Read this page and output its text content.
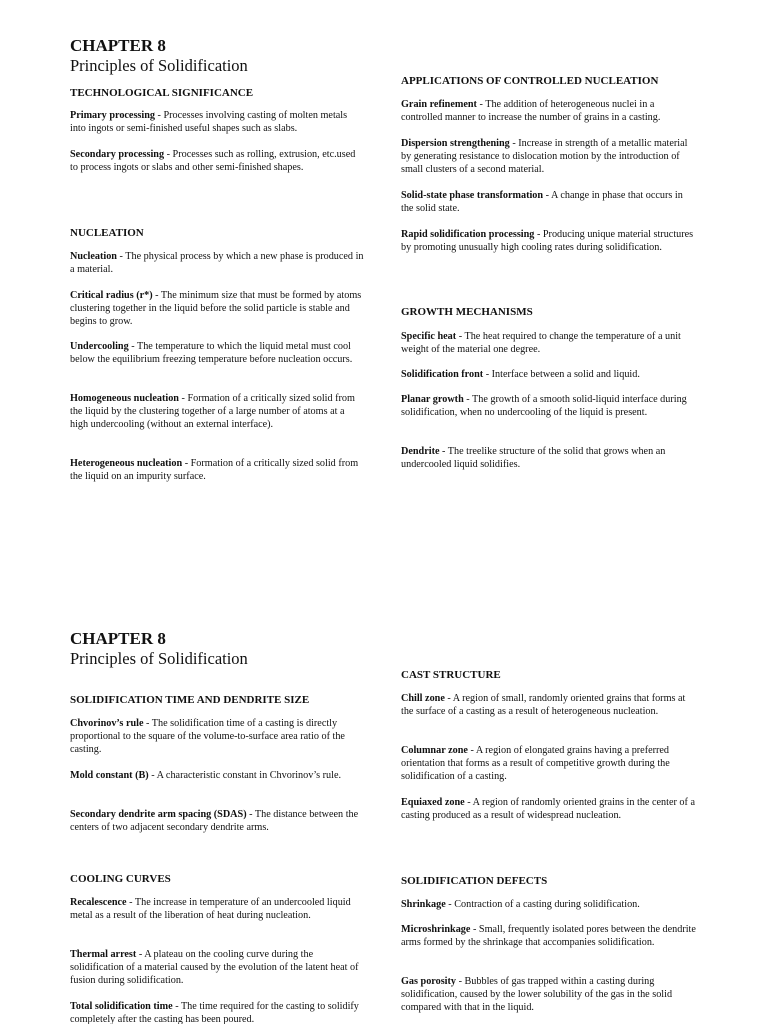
CHAPTER 8

Principles of Solidification

TECHNOLOGICAL SIGNIFICANCE

Primary processing - Processes involving casting of molten metals into ingots or semi-finished useful shapes such as slabs.

Secondary processing - Processes such as rolling, extrusion, etc.used to process ingots or slabs and other semi-finished shapes.

NUCLEATION

Nucleation - The physical process by which a new phase is produced in a material.

Critical radius (r*) - The minimum size that must be formed by atoms clustering together in the liquid before the solid particle is stable and begins to grow.

Undercooling - The temperature to which the liquid metal must cool below the equilibrium freezing temperature before nucleation occurs.

Homogeneous nucleation - Formation of a critically sized solid from the liquid by the clustering together of a large number of atoms at a high undercooling (without an external interface).

Heterogeneous nucleation - Formation of a critically sized solid from the liquid on an impurity surface.

APPLICATIONS OF CONTROLLED NUCLEATION

Grain refinement - The addition of heterogeneous nuclei in a controlled manner to increase the number of grains in a casting.

Dispersion strengthening - Increase in strength of a metallic material by generating resistance to dislocation motion by the introduction of small clusters of a second material.

Solid-state phase transformation - A change in phase that occurs in the solid state.

Rapid solidification processing - Producing unique material structures by promoting unusually high cooling rates during solidification.

GROWTH MECHANISMS

Specific heat - The heat required to change the temperature of a unit weight of the material one degree.

Solidification front - Interface between a solid and liquid.

Planar growth - The growth of a smooth solid-liquid interface during solidification, when no undercooling of the liquid is present.

Dendrite - The treelike structure of the solid that grows when an undercooled liquid solidifies.

CHAPTER 8

Principles of Solidification

SOLIDIFICATION TIME AND DENDRITE SIZE

Chvorinov’s rule - The solidification time of a casting is directly proportional to the square of the volume-to-surface area ratio of the casting.

Mold constant (B) - A characteristic constant in Chvorinov’s rule.

Secondary dendrite arm spacing (SDAS) - The distance between the centers of two adjacent secondary dendrite arms.

COOLING CURVES

Recalescence - The increase in temperature of an undercooled liquid metal as a result of the liberation of heat during nucleation.

Thermal arrest - A plateau on the cooling curve during the solidification of a material caused by the evolution of the latent heat of fusion during solidification.

Total solidification time - The time required for the casting to solidify completely after the casting has been poured.

CAST STRUCTURE

Chill zone - A region of small, randomly oriented grains that forms at the surface of a casting as a result of heterogeneous nucleation.

Columnar zone - A region of elongated grains having a preferred orientation that forms as a result of competitive growth during the solidification of a casting.

Equiaxed zone - A region of randomly oriented grains in the center of a casting produced as a result of widespread nucleation.

SOLIDIFICATION DEFECTS

Shrinkage - Contraction of a casting during solidification.

Microshrinkage - Small, frequently isolated pores between the dendrite arms formed by the shrinkage that accompanies solidification.

Gas porosity - Bubbles of gas trapped within a casting during solidification, caused by the lower solubility of the gas in the solid compared with that in the liquid.
